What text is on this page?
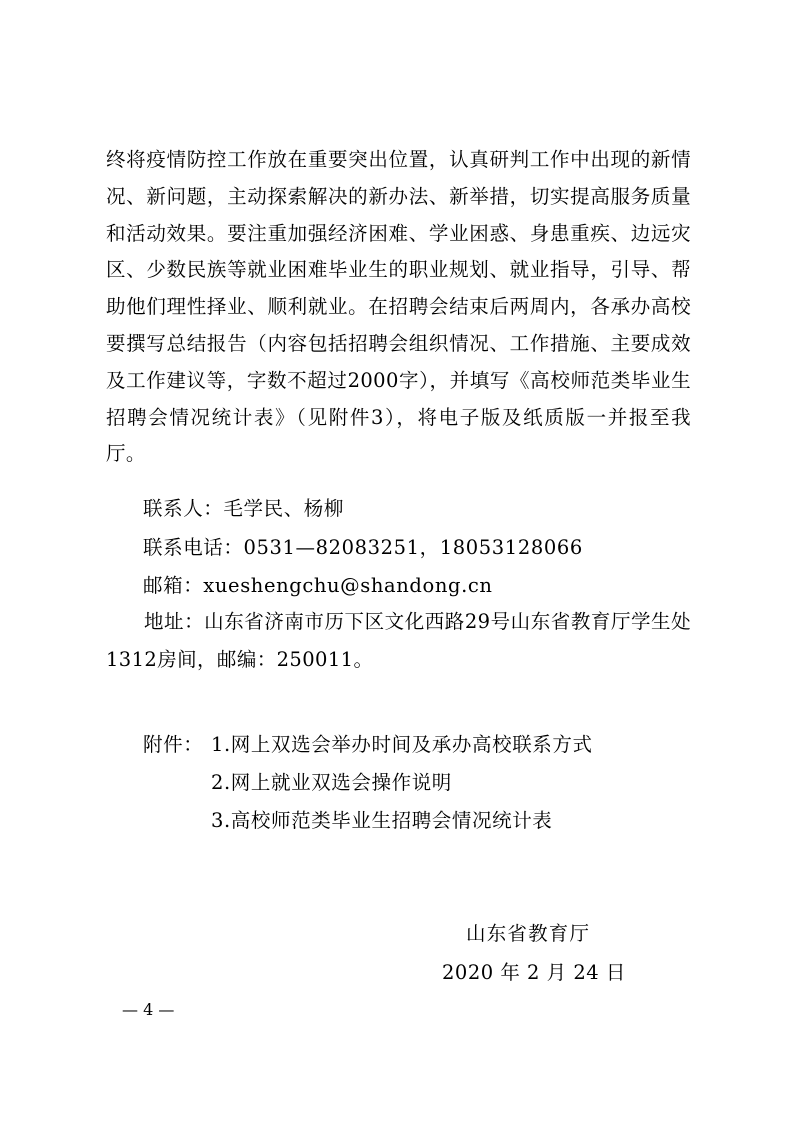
终将疫情防控工作放在重要突出位置，认真研判工作中出现的新情况、新问题，主动探索解决的新办法、新举措，切实提高服务质量和活动效果。要注重加强经济困难、学业困惑、身患重疾、边远灾区、少数民族等就业困难毕业生的职业规划、就业指导，引导、帮助他们理性择业、顺利就业。在招聘会结束后两周内，各承办高校要撰写总结报告（内容包括招聘会组织情况、工作措施、主要成效及工作建议等，字数不超过2000字），并填写《高校师范类毕业生招聘会情况统计表》（见附件3），将电子版及纸质版一并报至我厅。

联系人：毛学民、杨柳
联系电话：0531—82083251，18053128066
邮箱：xueshengchu@shandong.cn

地址：山东省济南市历下区文化西路29号山东省教育厅学生处1312房间，邮编：250011。

附件： 1.网上双选会举办时间及承办高校联系方式
2.网上就业双选会操作说明
3.高校师范类毕业生招聘会情况统计表
山东省教育厅
2020 年 2 月 24 日
— 4 —
